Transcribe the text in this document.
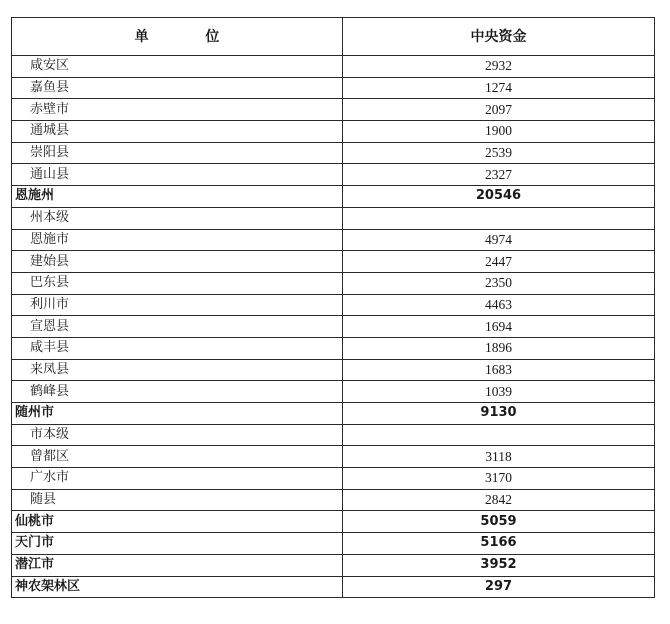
单 位	中央资金
咸安区	2932
嘉鱼县	1274
赤壁市	2097
通城县	1900
崇阳县	2539
通山县	2327
恩施州	20546
州本级	
恩施市	4974
建始县	2447
巴东县	2350
利川市	4463
宣恩县	1694
咸丰县	1896
来凤县	1683
鹤峰县	1039
随州市	9130
市本级	
曾都区	3118
广水市	3170
随县	2842
仙桃市	5059
天门市	5166
潜江市	3952
神农架林区	297
